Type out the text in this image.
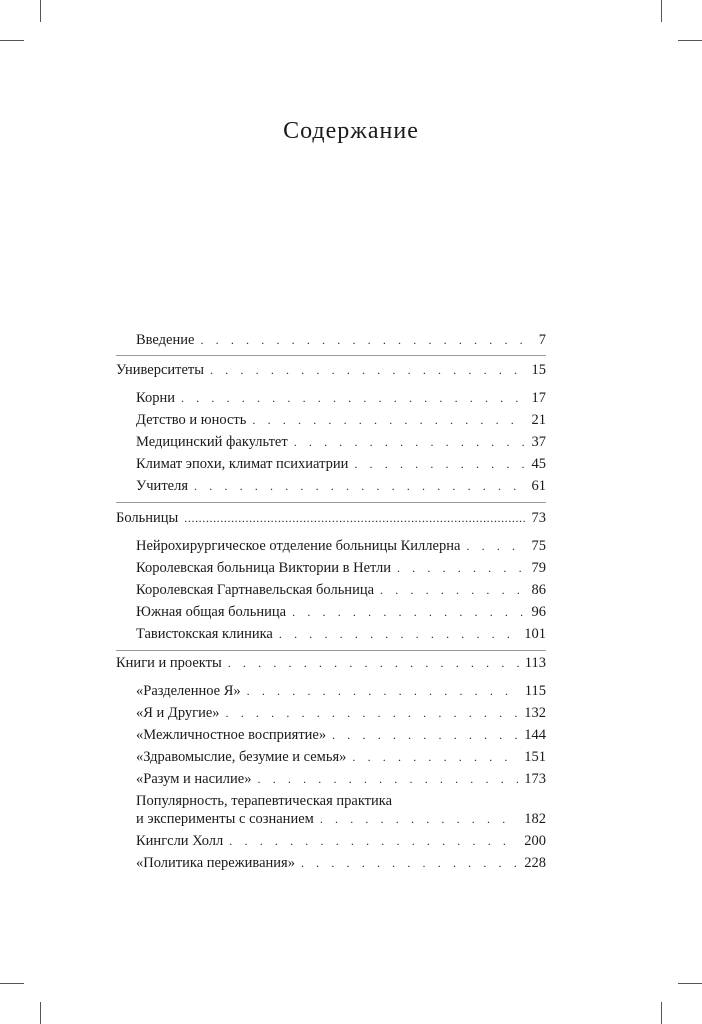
Содержание
Введение . . .	7
Университеты . . .	15
Корни . . .	17
Детство и юность . . .	21
Медицинский факультет . . .	37
Климат эпохи, климат психиатрии . . .	45
Учителя . . .	61
Больницы .....	73
Нейрохирургическое отделение больницы Киллерна . . .	75
Королевская больница Виктории в Нетли . . .	79
Королевская Гартнавельская больница . . .	86
Южная общая больница . . .	96
Тавистокская клиника . . .	101
Книги и проекты . . .	113
«Разделенное Я» . . .	115
«Я и Другие» . . .	132
«Межличностное восприятие» . . .	144
«Здравомыслие, безумие и семья» . . .	151
«Разум и насилие» . . .	173
Популярность, терапевтическая практика
и эксперименты с сознанием . . .	182
Кингсли Холл . . .	200
«Политика переживания» . . .	228
